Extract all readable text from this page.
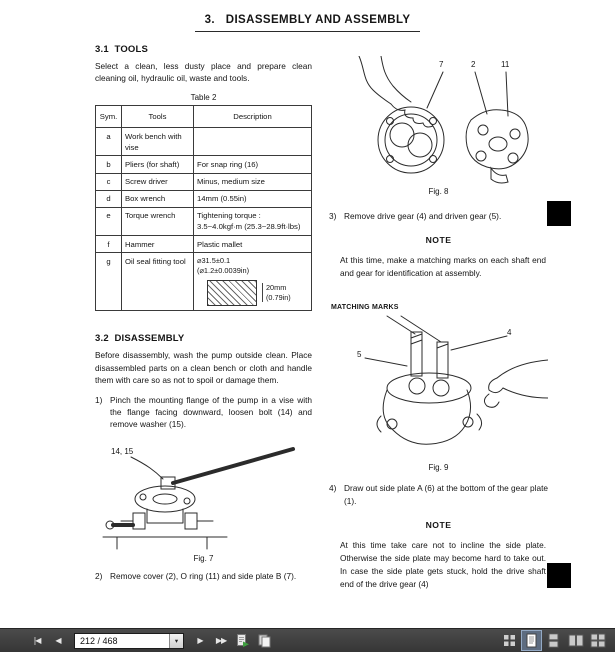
3.   DISASSEMBLY AND ASSEMBLY
3.1  TOOLS

Select a clean, less dusty place and prepare clean cleaning oil, hydraulic oil, waste and tools.

Table 2
Sym.	Tools	Description
a	Work bench with vise	
b	Pliers (for shaft)	For snap ring (16)
c	Screw driver	Minus, medium size
d	Box wrench	14mm (0.55in)
e	Torque wrench	Tightening torque : 3.5~4.0kgf·m (25.3~28.9ft·lbs)
f	Hammer	Plastic mallet
g	Oil seal fitting tool	⌀31.5±0.1
(⌀1.2±0.0039in)
20mm (0.79in)
3.2  DISASSEMBLY

Before disassembly, wash the pump outside clean. Place disassembled parts on a clean bench or cloth and handle them with care so as not to spoil or damage them.

1) Pinch the mounting flange of the pump in a vise with the flange facing downward, loosen bolt (14) and remove washer (15).
14, 15
Fig. 7
2) Remove cover (2), O ring (11) and side plate B (7).
7	2	11
Fig. 8
3) Remove drive gear (4) and driven gear (5).
NOTE

At this time, make a matching marks on each shaft end and gear for identification at assembly.

MATCHING MARKS
5
4
Fig. 9
4) Draw out side plate A (6) at the bottom of the gear plate (1).
NOTE

At this time take care not to incline the side plate. Otherwise the side plate may become hard to take out. In case the side plate gets stuck, hold the drive shaft end of the drive gear (4)

|◀ ◀
212 / 468	▾	▶ ▶▶
